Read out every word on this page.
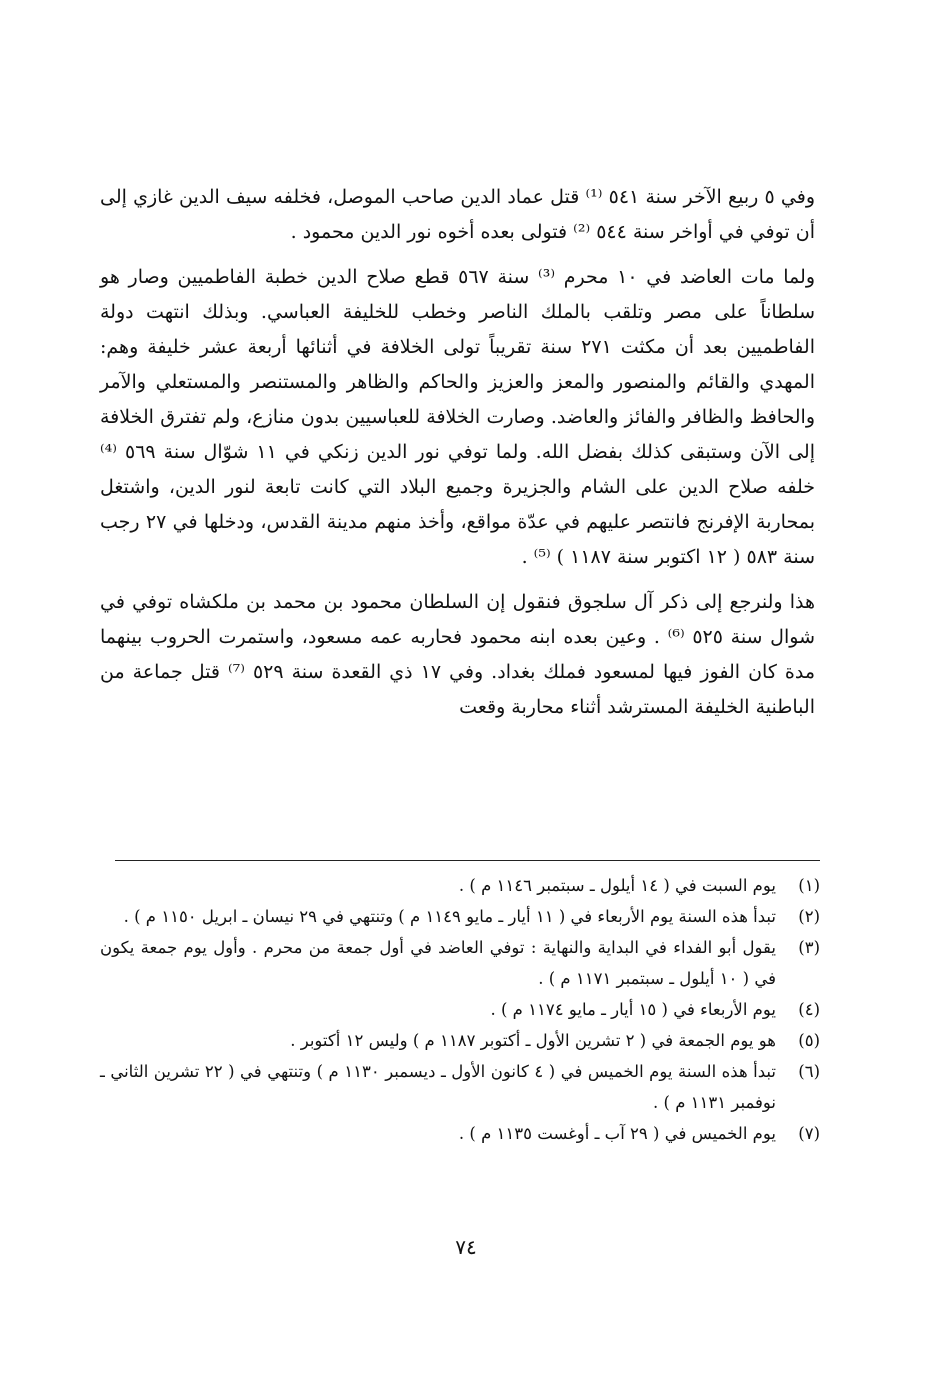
وفي ٥ ربيع الآخر سنة ٥٤١ ⁽¹⁾ قتل عماد الدين صاحب الموصل، فخلفه سيف الدين غازي إلى أن توفي في أواخر سنة ٥٤٤ ⁽²⁾ فتولى بعده أخوه نور الدين محمود .

ولما مات العاضد في ١٠ محرم ⁽³⁾ سنة ٥٦٧ قطع صلاح الدين خطبة الفاطميين وصار هو سلطاناً على مصر وتلقب بالملك الناصر وخطب للخليفة العباسي. وبذلك انتهت دولة الفاطميين بعد أن مكثت ٢٧١ سنة تقريباً تولى الخلافة في أثنائها أربعة عشر خليفة وهم: المهدي والقائم والمنصور والمعز والعزيز والحاكم والظاهر والمستنصر والمستعلي والآمر والحافظ والظافر والفائز والعاضد. وصارت الخلافة للعباسيين بدون منازع، ولم تفترق الخلافة إلى الآن وستبقى كذلك بفضل الله. ولما توفي نور الدين زنكي في ١١ شوّال سنة ٥٦٩ ⁽⁴⁾ خلفه صلاح الدين على الشام والجزيرة وجميع البلاد التي كانت تابعة لنور الدين، واشتغل بمحاربة الإفرنج فانتصر عليهم في عدّة مواقع، وأخذ منهم مدينة القدس، ودخلها في ٢٧ رجب سنة ٥٨٣ ( ١٢ اكتوبر سنة ١١٨٧ ) ⁽⁵⁾ .

هذا ولنرجع إلى ذكر آل سلجوق فنقول إن السلطان محمود بن محمد بن ملكشاه توفي في شوال سنة ٥٢٥ ⁽⁶⁾ . وعين بعده ابنه محمود فحاربه عمه مسعود، واستمرت الحروب بينهما مدة كان الفوز فيها لمسعود فملك بغداد. وفي ١٧ ذي القعدة سنة ٥٢٩ ⁽⁷⁾ قتل جماعة من الباطنية الخليفة المسترشد أثناء محاربة وقعت

(١)
يوم السبت في ( ١٤ أيلول ـ سبتمبر ١١٤٦ م ) .
(٢)
تبدأ هذه السنة يوم الأربعاء في ( ١١ أيار ـ مايو ١١٤٩ م ) وتنتهي في ٢٩ نيسان ـ ابريل ١١٥٠ م ) .
(٣)
يقول أبو الفداء في البداية والنهاية : توفي العاضد في أول جمعة من محرم . وأول يوم جمعة يكون في ( ١٠ أيلول ـ سبتمبر ١١٧١ م ) .
(٤)
يوم الأربعاء في ( ١٥ أيار ـ مايو ١١٧٤ م ) .
(٥)
هو يوم الجمعة في ( ٢ تشرين الأول ـ أكتوبر ١١٨٧ م ) وليس ١٢ أكتوبر .
(٦)
تبدأ هذه السنة يوم الخميس في ( ٤ كانون الأول ـ ديسمبر ١١٣٠ م ) وتنتهي في ( ٢٢ تشرين الثاني ـ نوفمبر ١١٣١ م ) .
(٧)
يوم الخميس في ( ٢٩ آب ـ أوغست ١١٣٥ م ) .
٧٤
